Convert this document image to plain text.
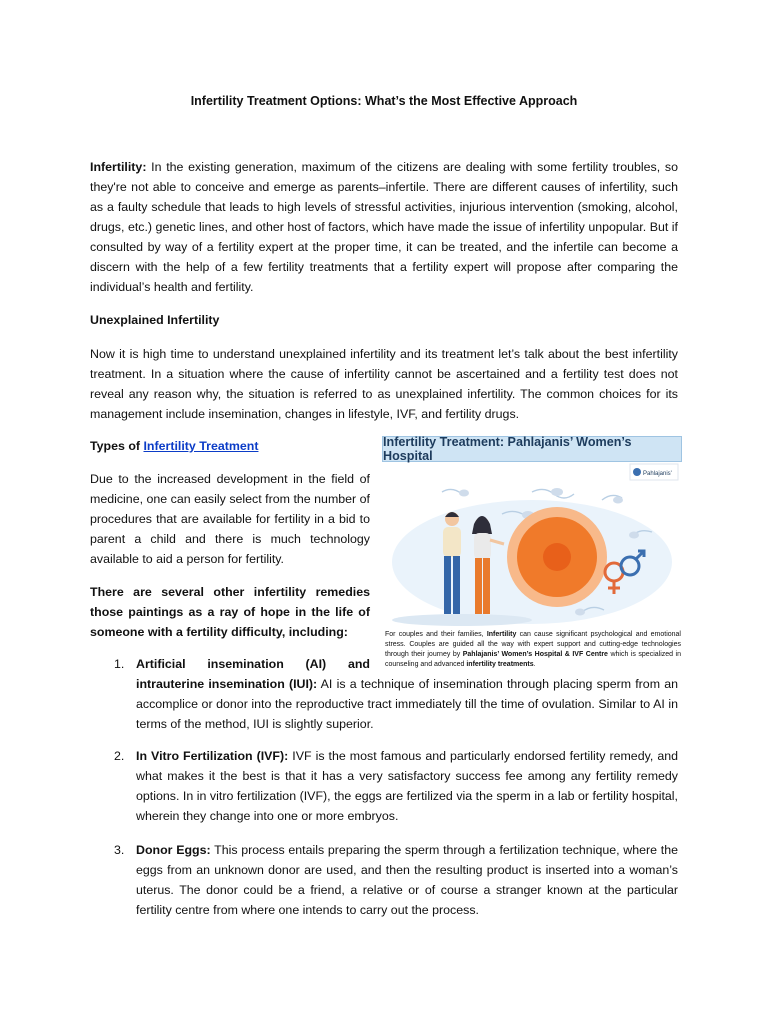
Infertility Treatment Options: What’s the Most Effective Approach

Infertility: In the existing generation, maximum of the citizens are dealing with some fertility troubles, so they're not able to conceive and emerge as parents–infertile. There are different causes of infertility, such as a faulty schedule that leads to high levels of stressful activities, injurious intervention (smoking, alcohol, drugs, etc.) genetic lines, and other host of factors, which have made the issue of infertility unpopular. But if consulted by way of a fertility expert at the proper time, it can be treated, and the infertile can become a discern with the help of a few fertility treatments that a fertility expert will propose after comparing the individual’s health and fertility.

Unexplained Infertility

Now it is high time to understand unexplained infertility and its treatment let’s talk about the best infertility treatment. In a situation where the cause of infertility cannot be ascertained and a fertility test does not reveal any reason why, the situation is referred to as unexplained infertility. The common choices for its management include insemination, changes in lifestyle, IVF, and fertility drugs.

Types of Infertility Treatment

Due to the increased development in the field of medicine, one can easily select from the number of procedures that are available for fertility in a bid to parent a child and there is much technology available to aid a person for fertility.

There are several other infertility remedies those paintings as a ray of hope in the life of someone with a fertility difficulty, including:

Infertility Treatment: Pahlajanis’ Women’s Hospital
Pahlajanis'
For couples and their families, Infertility can cause significant psychological and emotional stress. Couples are guided all the way with expert support and cutting-edge technologies through their journey by Pahlajanis’ Women’s Hospital & IVF Centre which is specialized in counseling and advanced infertility treatments.
1. Artificial insemination (AI) and
intrauterine insemination (IUI): AI is a technique of insemination through placing sperm from an accomplice or donor into the reproductive tract immediately till the time of ovulation. Similar to AI in terms of the method, IUI is slightly superior.
2. In Vitro Fertilization (IVF): IVF is the most famous and particularly endorsed fertility remedy, and what makes it the best is that it has a very satisfactory success fee among any fertility remedy options. In in vitro fertilization (IVF), the eggs are fertilized via the sperm in a lab or fertility hospital, wherein they change into one or more embryos.
3. Donor Eggs: This process entails preparing the sperm through a fertilization technique, where the eggs from an unknown donor are used, and then the resulting product is inserted into a woman’s uterus. The donor could be a friend, a relative or of course a stranger known at the particular fertility centre from where one intends to carry out the process.
